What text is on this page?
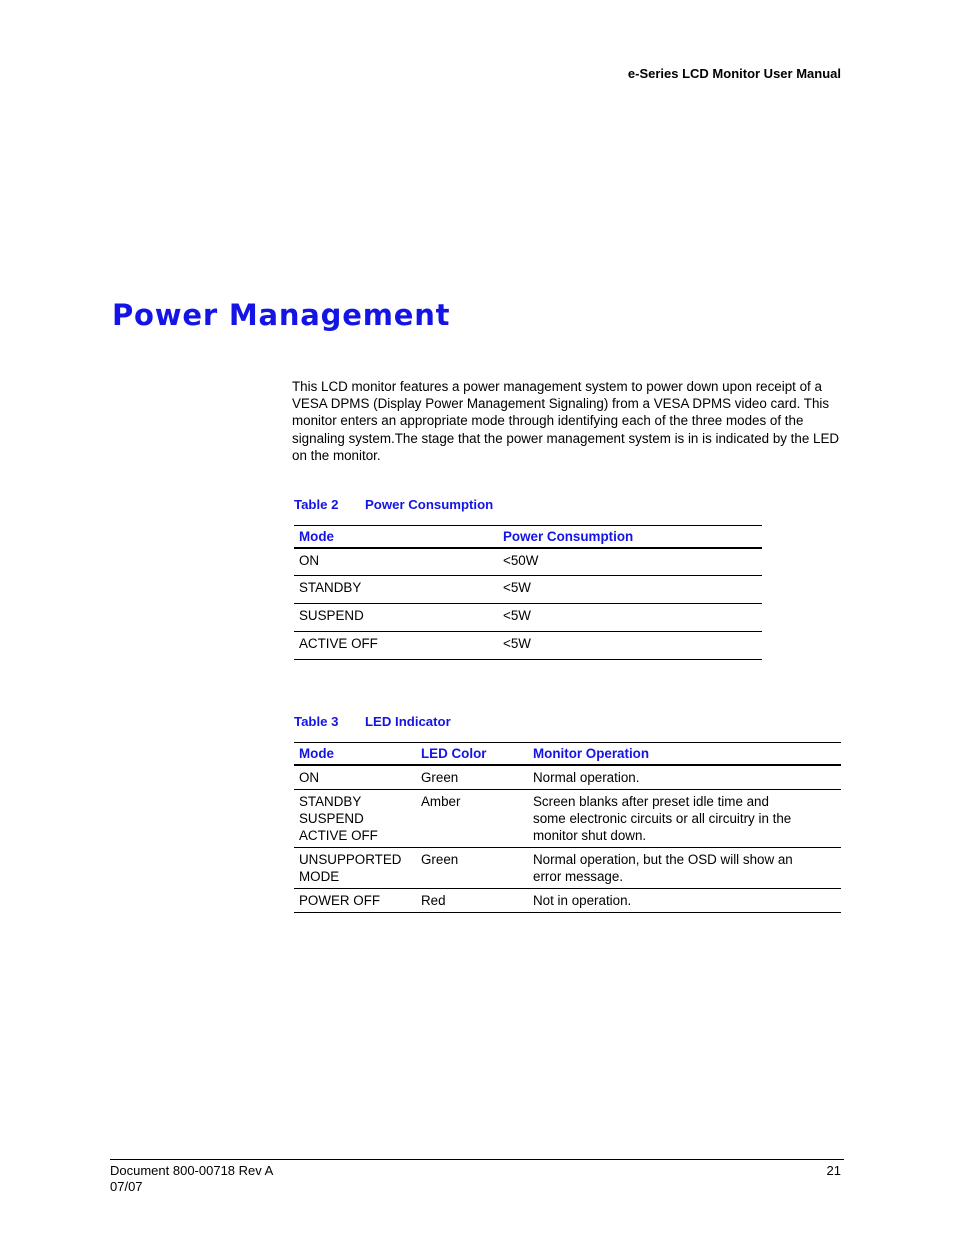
e-Series LCD Monitor User Manual
Power Management

This LCD monitor features a power management system to power down upon receipt of a VESA DPMS (Display Power Management Signaling) from a VESA DPMS video card. This monitor enters an appropriate mode through identifying each of the three modes of the signaling system.The stage that the power management system is in is indicated by the LED on the monitor.

Table 2 Power Consumption
Mode	Power Consumption
ON	<50W
STANDBY	<5W
SUSPEND	<5W
ACTIVE OFF	<5W
Table 3 LED Indicator
Mode	LED Color	Monitor Operation

ON	Green	Normal operation.

STANDBY
SUSPEND
ACTIVE OFF	Amber	Screen blanks after preset idle time and
some electronic circuits or all circuitry in the
monitor shut down.

UNSUPPORTED
MODE	Green	Normal operation, but the OSD will show an
error message.

POWER OFF	Red	Not in operation.
Document 800-00718 Rev A
07/07
21
